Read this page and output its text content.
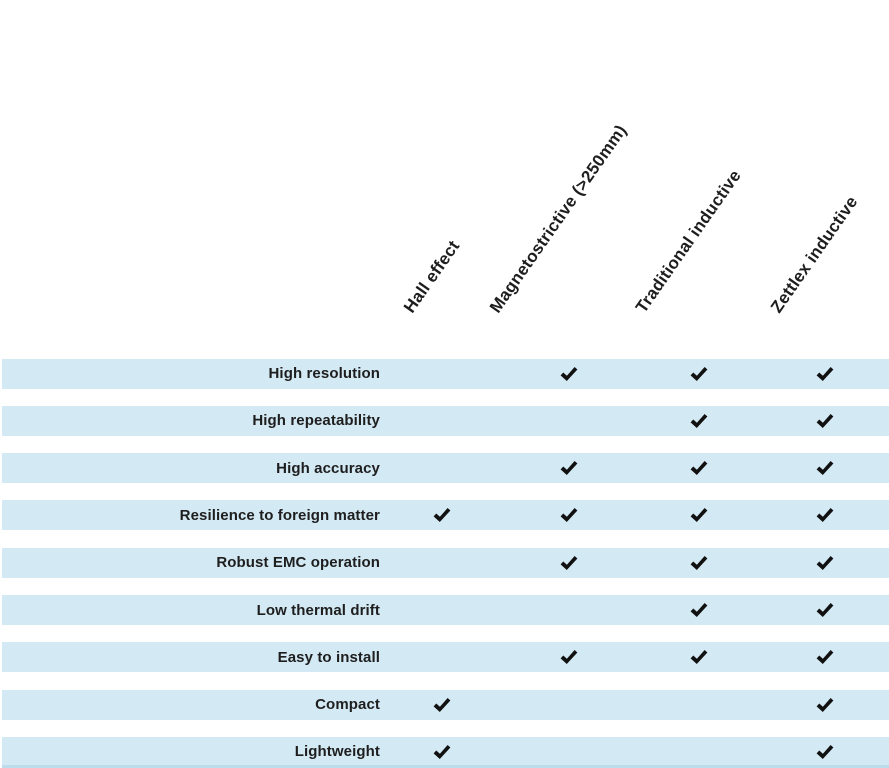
Hall effect Magnetostrictive (>250mm) Traditional inductive Zettlex inductive
High resolution
High repeatability
High accuracy
Resilience to foreign matter
Robust EMC operation
Low thermal drift
Easy to install
Compact
Lightweight
